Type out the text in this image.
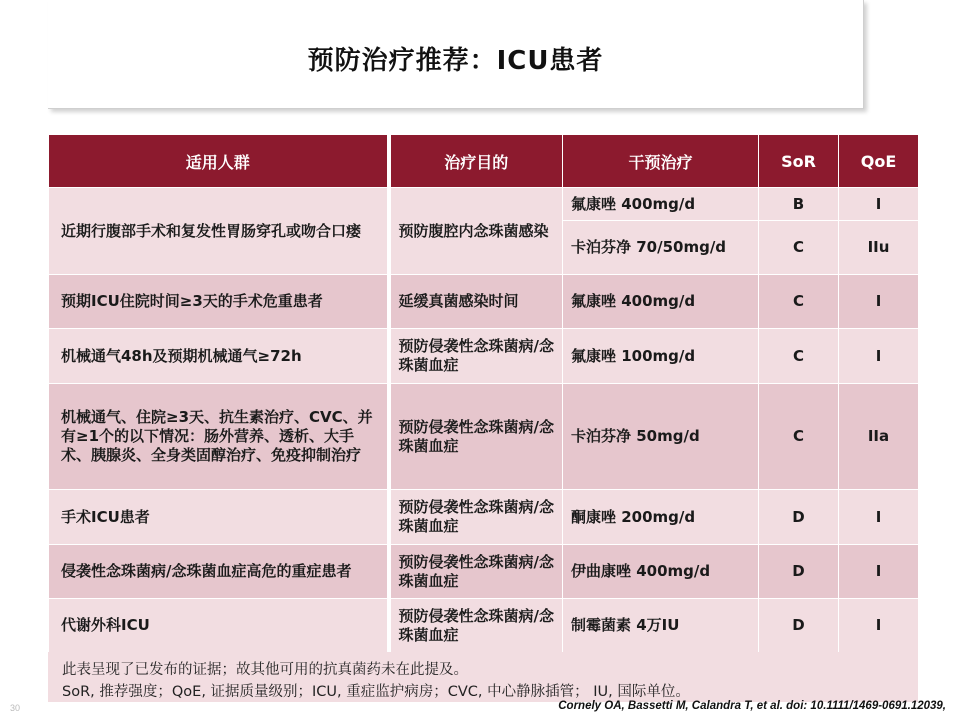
预防治疗推荐：ICU患者
适用人群	治疗目的	干预治疗	SoR	QoE
近期行腹部手术和复发性胃肠穿孔或吻合口瘘	预防腹腔内念珠菌感染	氟康唑 400mg/d	B	I
		卡泊芬净 70/50mg/d	C	IIu
预期ICU住院时间≥3天的手术危重患者	延缓真菌感染时间	氟康唑 400mg/d	C	I
机械通气48h及预期机械通气≥72h	预防侵袭性念珠菌病/念珠菌血症	氟康唑 100mg/d	C	I
机械通气、住院≥3天、抗生素治疗、CVC、并有≥1个的以下情况：肠外营养、透析、大手术、胰腺炎、全身类固醇治疗、免疫抑制治疗	预防侵袭性念珠菌病/念珠菌血症	卡泊芬净 50mg/d	C	IIa
手术ICU患者	预防侵袭性念珠菌病/念珠菌血症	酮康唑 200mg/d	D	I
侵袭性念珠菌病/念珠菌血症高危的重症患者	预防侵袭性念珠菌病/念珠菌血症	伊曲康唑 400mg/d	D	I
代谢外科ICU	预防侵袭性念珠菌病/念珠菌血症	制霉菌素 4万IU	D	I
此表呈现了已发布的证据；故其他可用的抗真菌药未在此提及。
SoR, 推荐强度；QoE, 证据质量级别；ICU, 重症监护病房；CVC, 中心静脉插管； IU, 国际单位。
Cornely OA, Bassetti M, Calandra T, et al. doi: 10.1111/1469-0691.12039,
30
